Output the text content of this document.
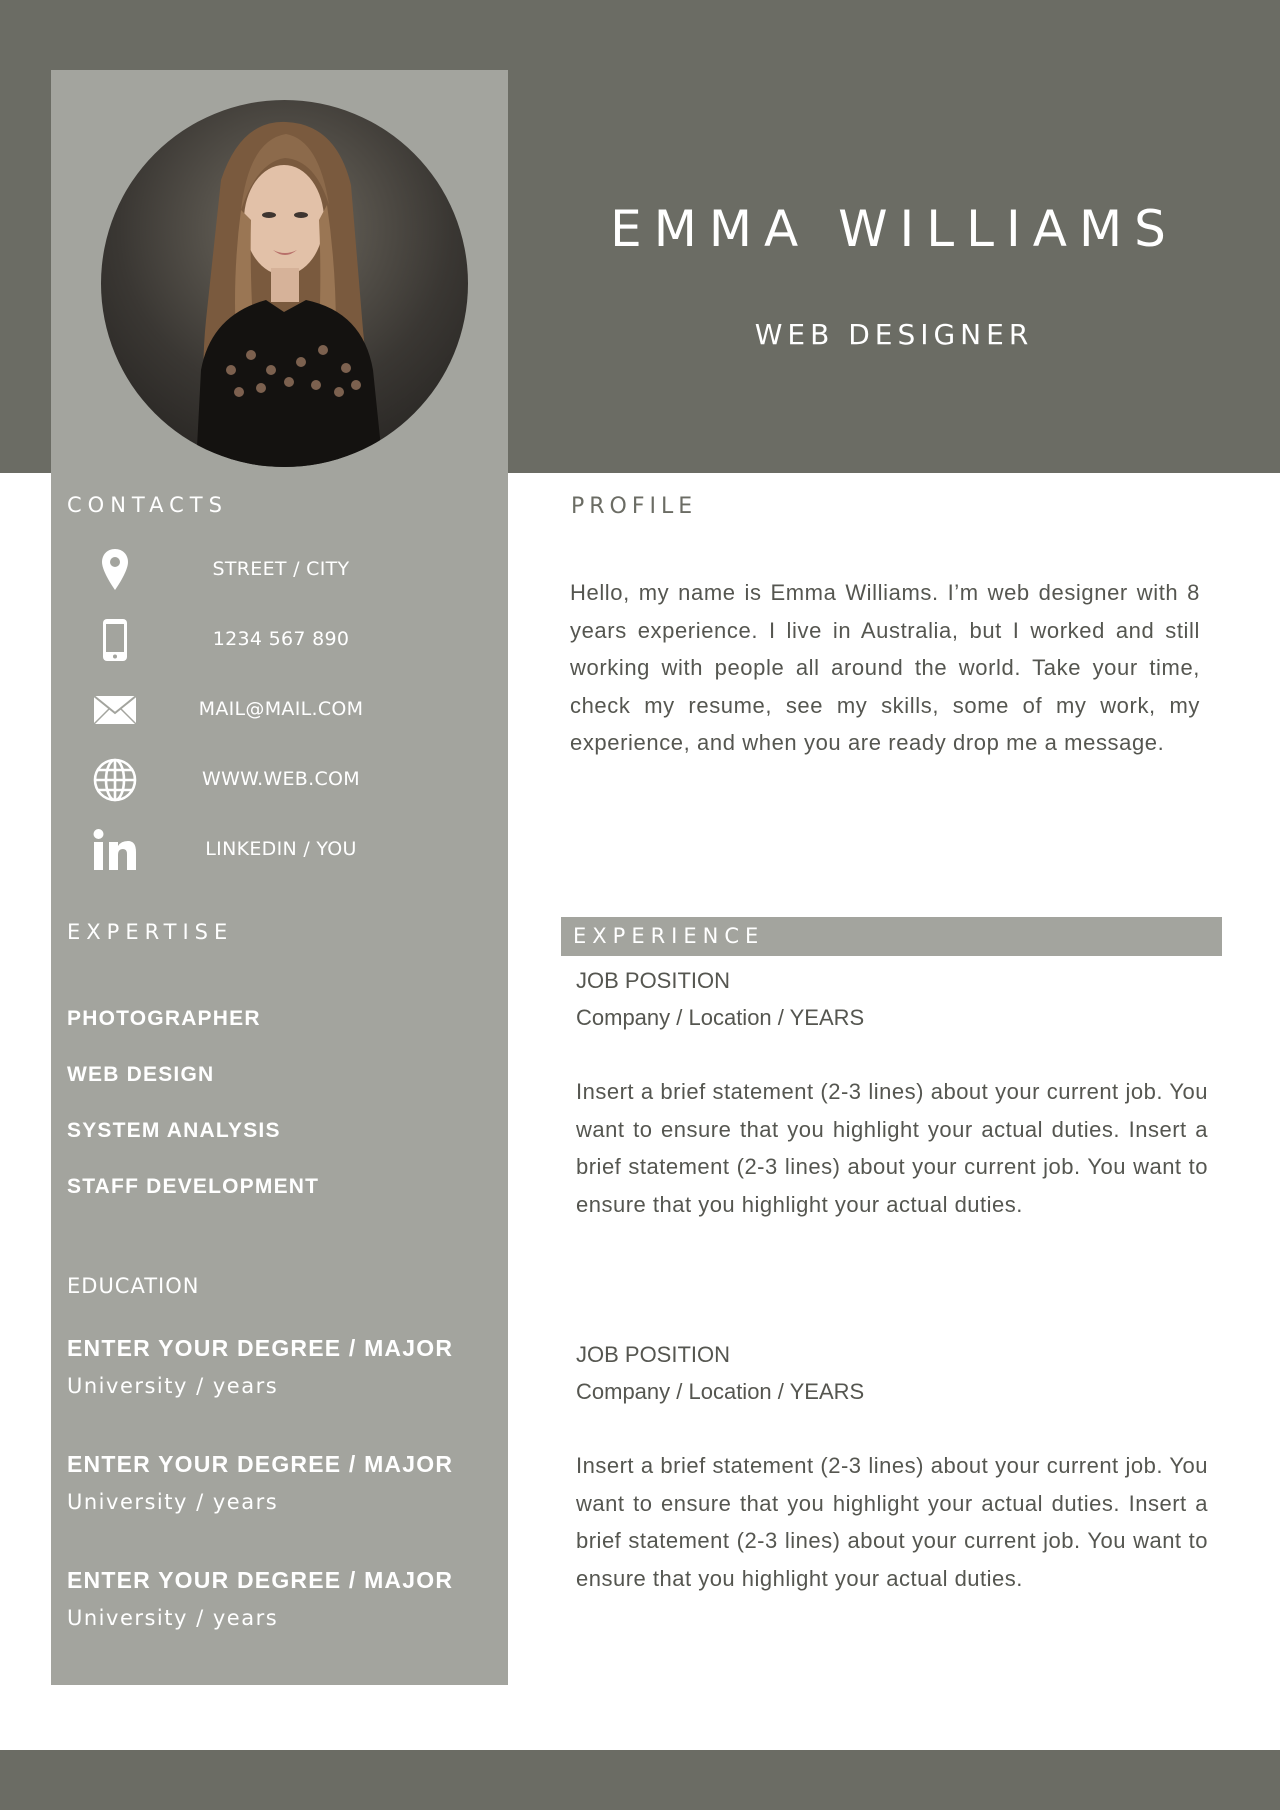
EMMA WILLIAMS
WEB DESIGNER
CONTACTS
STREET / CITY
1234 567 890
MAIL@MAIL.COM
WWW.WEB.COM
LINKEDIN / YOU
EXPERTISE
PHOTOGRAPHER
WEB DESIGN
SYSTEM ANALYSIS
STAFF DEVELOPMENT
EDUCATION
ENTER YOUR DEGREE / MAJOR
University / years
ENTER YOUR DEGREE / MAJOR
University / years
ENTER YOUR DEGREE / MAJOR
University / years
PROFILE

Hello, my name is Emma Williams. I’m web designer with 8 years experience. I live in Australia, but I worked and still working with people all around the world. Take your time, check my resume, see my skills, some of my work, my experience, and when you are ready drop me a message.

EXPERIENCE
JOB POSITION
Company / Location / YEARS
Insert a brief statement (2-3 lines) about your current job. You want to ensure that you highlight your actual duties. Insert a brief statement (2-3 lines) about your current job. You want to ensure that you highlight your actual duties.
JOB POSITION
Company / Location / YEARS
Insert a brief statement (2-3 lines) about your current job. You want to ensure that you highlight your actual duties. Insert a brief statement (2-3 lines) about your current job. You want to ensure that you highlight your actual duties.
